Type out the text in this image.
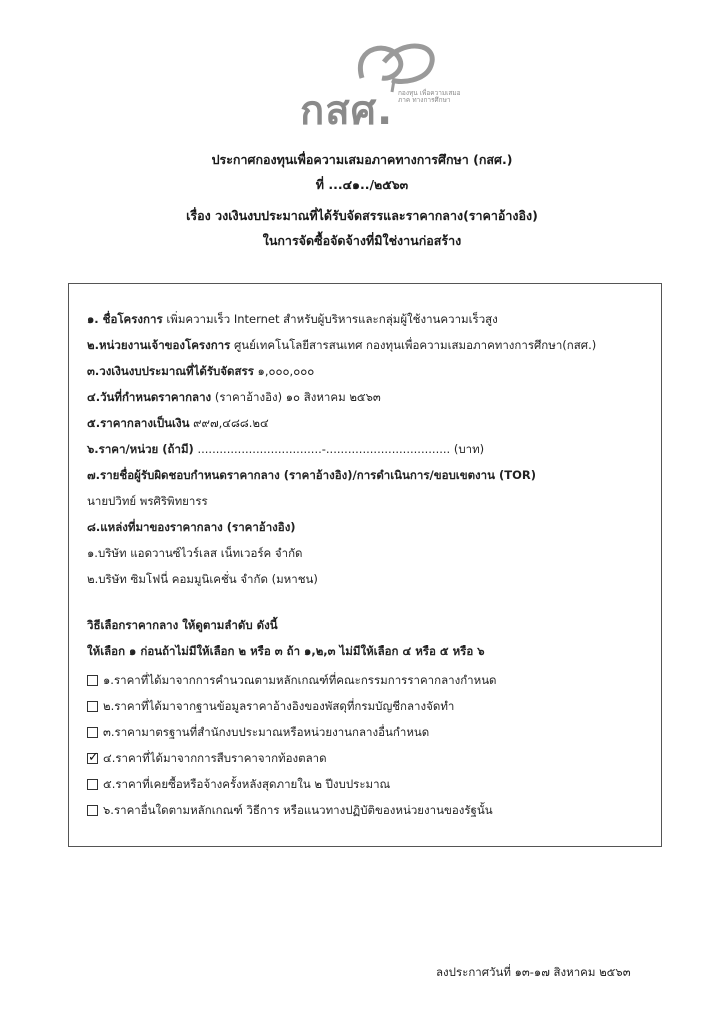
กสศ. กองทุน เพื่อความเสมอภาค ทางการศึกษา
ประกาศกองทุนเพื่อความเสมอภาคทางการศึกษา (กสศ.)
ที่ ...๔๑../๒๕๖๓
เรื่อง วงเงินงบประมาณที่ได้รับจัดสรรและราคากลาง(ราคาอ้างอิง)
ในการจัดซื้อจัดจ้างที่มิใช่งานก่อสร้าง
๑. ชื่อโครงการ เพิ่มความเร็ว Internet สำหรับผู้บริหารและกลุ่มผู้ใช้งานความเร็วสูง
๒.หน่วยงานเจ้าของโครงการ ศูนย์เทคโนโลยีสารสนเทศ กองทุนเพื่อความเสมอภาคทางการศึกษา(กสศ.)
๓.วงเงินงบประมาณที่ได้รับจัดสรร ๑,๐๐๐,๐๐๐
๔.วันที่กำหนดราคากลาง (ราคาอ้างอิง) ๑๐ สิงหาคม ๒๕๖๓
๕.ราคากลางเป็นเงิน ๙๙๗,๔๘๘.๒๔
๖.ราคา/หน่วย (ถ้ามี) ..................................-.................................. (บาท)
๗.รายชื่อผู้รับผิดชอบกำหนดราคากลาง (ราคาอ้างอิง)/การดำเนินการ/ขอบเขตงาน (TOR)
นายปวิทย์ พรศิริพิทยารร
๘.แหล่งที่มาของราคากลาง (ราคาอ้างอิง)
๑.บริษัท แอดวานซ์ไวร์เลส เน็ทเวอร์ค จำกัด
๒.บริษัท ซิมโฟนี่ คอมมูนิเคชั่น จำกัด (มหาชน)
วิธีเลือกราคากลาง ให้ดูตามลำดับ ดังนี้
ให้เลือก ๑ ก่อนถ้าไม่มีให้เลือก ๒ หรือ ๓ ถ้า ๑,๒,๓ ไม่มีให้เลือก ๔ หรือ ๕ หรือ ๖
๑.ราคาที่ได้มาจากการคำนวณตามหลักเกณฑ์ที่คณะกรรมการราคากลางกำหนด
๒.ราคาที่ได้มาจากฐานข้อมูลราคาอ้างอิงของพัสดุที่กรมบัญชีกลางจัดทำ
๓.ราคามาตรฐานที่สำนักงบประมาณหรือหน่วยงานกลางอื่นกำหนด
✓๔.ราคาที่ได้มาจากการสืบราคาจากท้องตลาด
๕.ราคาที่เคยซื้อหรือจ้างครั้งหลังสุดภายใน ๒ ปีงบประมาณ
๖.ราคาอื่นใดตามหลักเกณฑ์ วิธีการ หรือแนวทางปฏิบัติของหน่วยงานของรัฐนั้น
ลงประกาศวันที่ ๑๓-๑๗ สิงหาคม ๒๕๖๓
